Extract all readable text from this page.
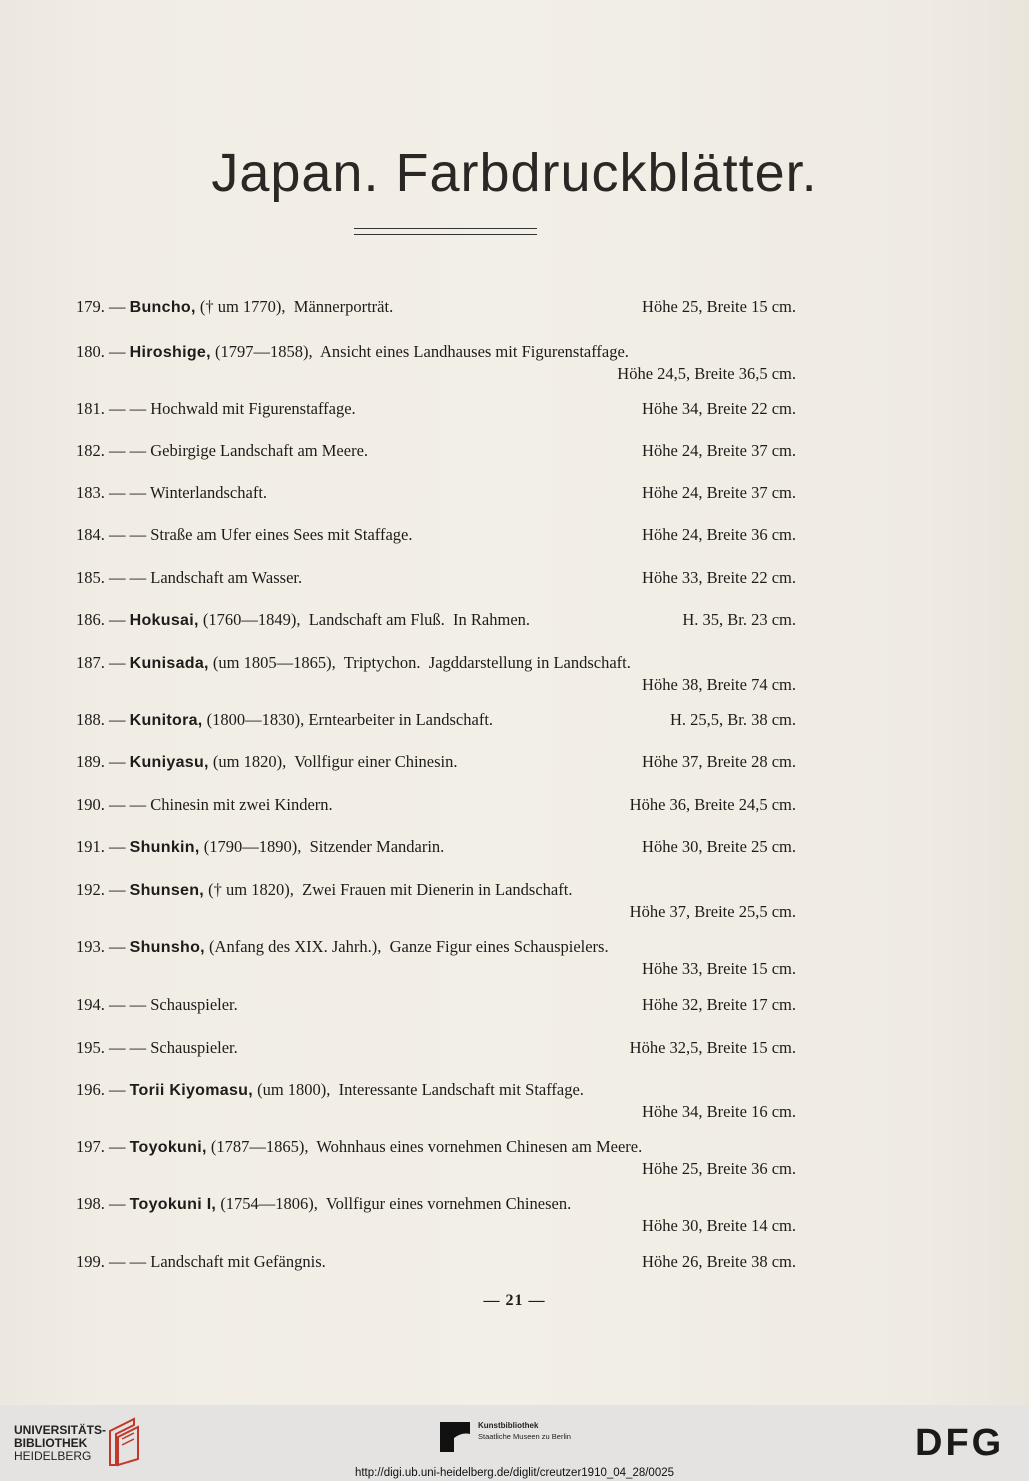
Japan. Farbdruckblätter.
179. — Buncho, († um 1770),  Männerporträt.	Höhe 25, Breite 15 cm.
180. — Hiroshige, (1797—1858),  Ansicht eines Landhauses mit Figurenstaffage.
Höhe 24,5, Breite 36,5 cm.
181. — — Hochwald mit Figurenstaffage.	Höhe 34, Breite 22 cm.
182. — — Gebirgige Landschaft am Meere.	Höhe 24, Breite 37 cm.
183. — — Winterlandschaft.	Höhe 24, Breite 37 cm.
184. — — Straße am Ufer eines Sees mit Staffage.	Höhe 24, Breite 36 cm.
185. — — Landschaft am Wasser.	Höhe 33, Breite 22 cm.
186. — Hokusai, (1760—1849),  Landschaft am Fluß.  In Rahmen.	H. 35, Br. 23 cm.
187. — Kunisada, (um 1805—1865),  Triptychon.  Jagddarstellung in Landschaft.
Höhe 38, Breite 74 cm.
188. — Kunitora, (1800—1830), Erntearbeiter in Landschaft.	H. 25,5, Br. 38 cm.
189. — Kuniyasu, (um 1820),  Vollfigur einer Chinesin.	Höhe 37, Breite 28 cm.
190. — — Chinesin mit zwei Kindern.	Höhe 36, Breite 24,5 cm.
191. — Shunkin, (1790—1890),  Sitzender Mandarin.	Höhe 30, Breite 25 cm.
192. — Shunsen, († um 1820),  Zwei Frauen mit Dienerin in Landschaft.
Höhe 37, Breite 25,5 cm.
193. — Shunsho, (Anfang des XIX. Jahrh.),  Ganze Figur eines Schauspielers.
Höhe 33, Breite 15 cm.
194. — — Schauspieler.	Höhe 32, Breite 17 cm.
195. — — Schauspieler.	Höhe 32,5, Breite 15 cm.
196. — Torii Kiyomasu, (um 1800),  Interessante Landschaft mit Staffage.
Höhe 34, Breite 16 cm.
197. — Toyokuni, (1787—1865),  Wohnhaus eines vornehmen Chinesen am Meere.
Höhe 25, Breite 36 cm.
198. — Toyokuni I, (1754—1806),  Vollfigur eines vornehmen Chinesen.
Höhe 30, Breite 14 cm.
199. — — Landschaft mit Gefängnis.	Höhe 26, Breite 38 cm.
— 21 —
UNIVERSITÄTS-
BIBLIOTHEK
HEIDELBERG
Kunstbibliothek
Staatliche Museen zu Berlin	DFG
http://digi.ub.uni-heidelberg.de/diglit/creutzer1910_04_28/0025
